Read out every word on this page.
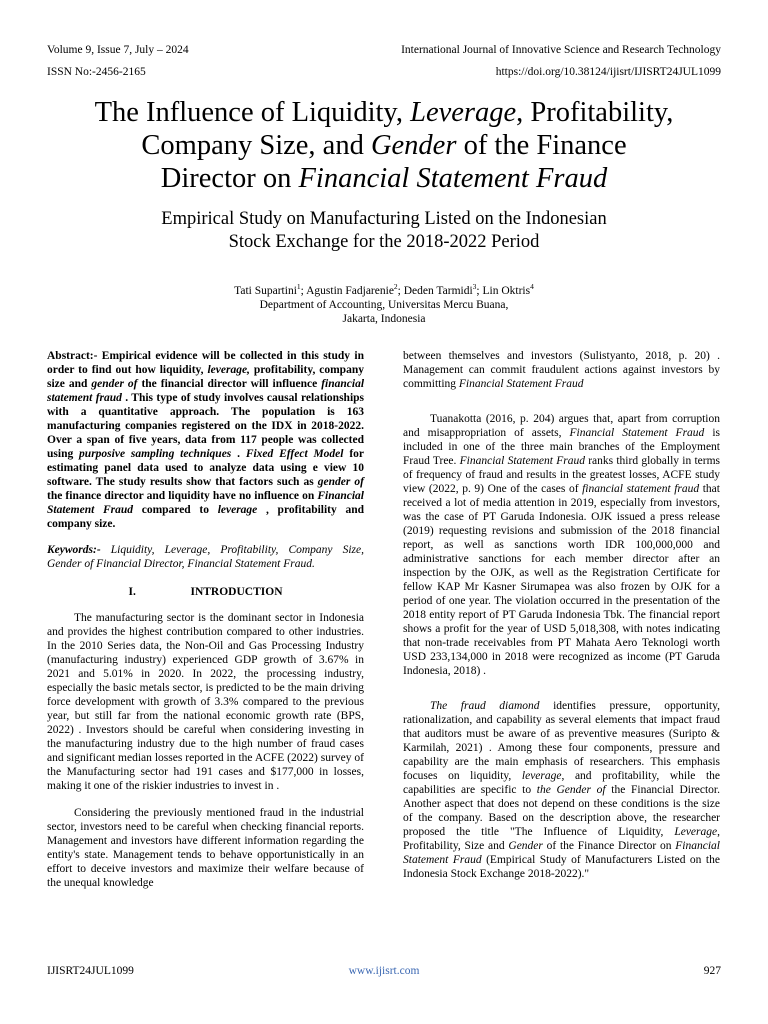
Volume 9, Issue 7, July – 2024	International Journal of Innovative Science and Research Technology
ISSN No:-2456-2165	https://doi.org/10.38124/ijisrt/IJISRT24JUL1099
The Influence of Liquidity, Leverage, Profitability,
Company Size, and Gender of the Finance
Director on Financial Statement Fraud
Empirical Study on Manufacturing Listed on the Indonesian
Stock Exchange for the 2018-2022 Period
Tati Supartini$^1$; Agustin Fadjarenie$^2$; Deden Tarmidi$^3$; Lin Oktris$^4$
Department of Accounting, Universitas Mercu Buana,
Jakarta, Indonesia

Abstract:- Empirical evidence will be collected in this study in order to find out how liquidity, leverage, profitability, company size and gender of the financial director will influence financial statement fraud . This type of study involves causal relationships with a quantitative approach. The population is 163 manufacturing companies registered on the IDX in 2018-2022. Over a span of five years, data from 117 people was collected using purposive sampling techniques . Fixed Effect Model for estimating panel data used to analyze data using e view 10 software. The study results show that factors such as gender of the finance director and liquidity have no influence on Financial Statement Fraud compared to leverage , profitability and company size.

Keywords:- Liquidity, Leverage, Profitability, Company Size, Gender of Financial Director, Financial Statement Fraud.

I.	INTRODUCTION

The manufacturing sector is the dominant sector in Indonesia and provides the highest contribution compared to other industries. In the 2010 Series data, the Non-Oil and Gas Processing Industry (manufacturing industry) experienced GDP growth of 3.67% in 2021 and 5.01% in 2020. In 2022, the processing industry, especially the basic metals sector, is predicted to be the main driving force development with growth of 3.3% compared to the previous year, but still far from the national economic growth rate (BPS, 2022) . Investors should be careful when considering investing in the manufacturing industry due to the high number of fraud cases and significant median losses reported in the ACFE (2022) survey of the Manufacturing sector had 191 cases and $177,000 in losses, making it one of the riskier industries to invest in .

Considering the previously mentioned fraud in the industrial sector, investors need to be careful when checking financial reports. Management and investors have different information regarding the entity's state. Management tends to behave opportunistically in an effort to deceive investors and maximize their welfare because of the unequal knowledge

between themselves and investors (Sulistyanto, 2018, p. 20) . Management can commit fraudulent actions against investors by committing Financial Statement Fraud

Tuanakotta (2016, p. 204) argues that, apart from corruption and misappropriation of assets, Financial Statement Fraud is included in one of the three main branches of the Employment Fraud Tree. Financial Statement Fraud ranks third globally in terms of frequency of fraud and results in the greatest losses, ACFE study view (2022, p. 9) One of the cases of financial statement fraud that received a lot of media attention in 2019, especially from investors, was the case of PT Garuda Indonesia. OJK issued a press release (2019) requesting revisions and submission of the 2018 financial report, as well as sanctions worth IDR 100,000,000 and administrative sanctions for each member director after an inspection by the OJK, as well as the Registration Certificate for fellow KAP Mr Kasner Sirumapea was also frozen by OJK for a period of one year. The violation occurred in the presentation of the 2018 entity report of PT Garuda Indonesia Tbk. The financial report shows a profit for the year of USD 5,018,308, with notes indicating that non-trade receivables from PT Mahata Aero Teknologi worth USD 233,134,000 in 2018 were recognized as income (PT Garuda Indonesia, 2018) .

The fraud diamond identifies pressure, opportunity, rationalization, and capability as several elements that impact fraud that auditors must be aware of as preventive measures (Suripto & Karmilah, 2021) . Among these four components, pressure and capability are the main emphasis of researchers. This emphasis focuses on liquidity, leverage, and profitability, while the capabilities are specific to the Gender of the Financial Director. Another aspect that does not depend on these conditions is the size of the company. Based on the description above, the researcher proposed the title "The Influence of Liquidity, Leverage, Profitability, Size and Gender of the Finance Director on Financial Statement Fraud (Empirical Study of Manufacturers Listed on the Indonesia Stock Exchange 2018-2022)."

IJISRT24JUL1099	www.ijisrt.com	927
